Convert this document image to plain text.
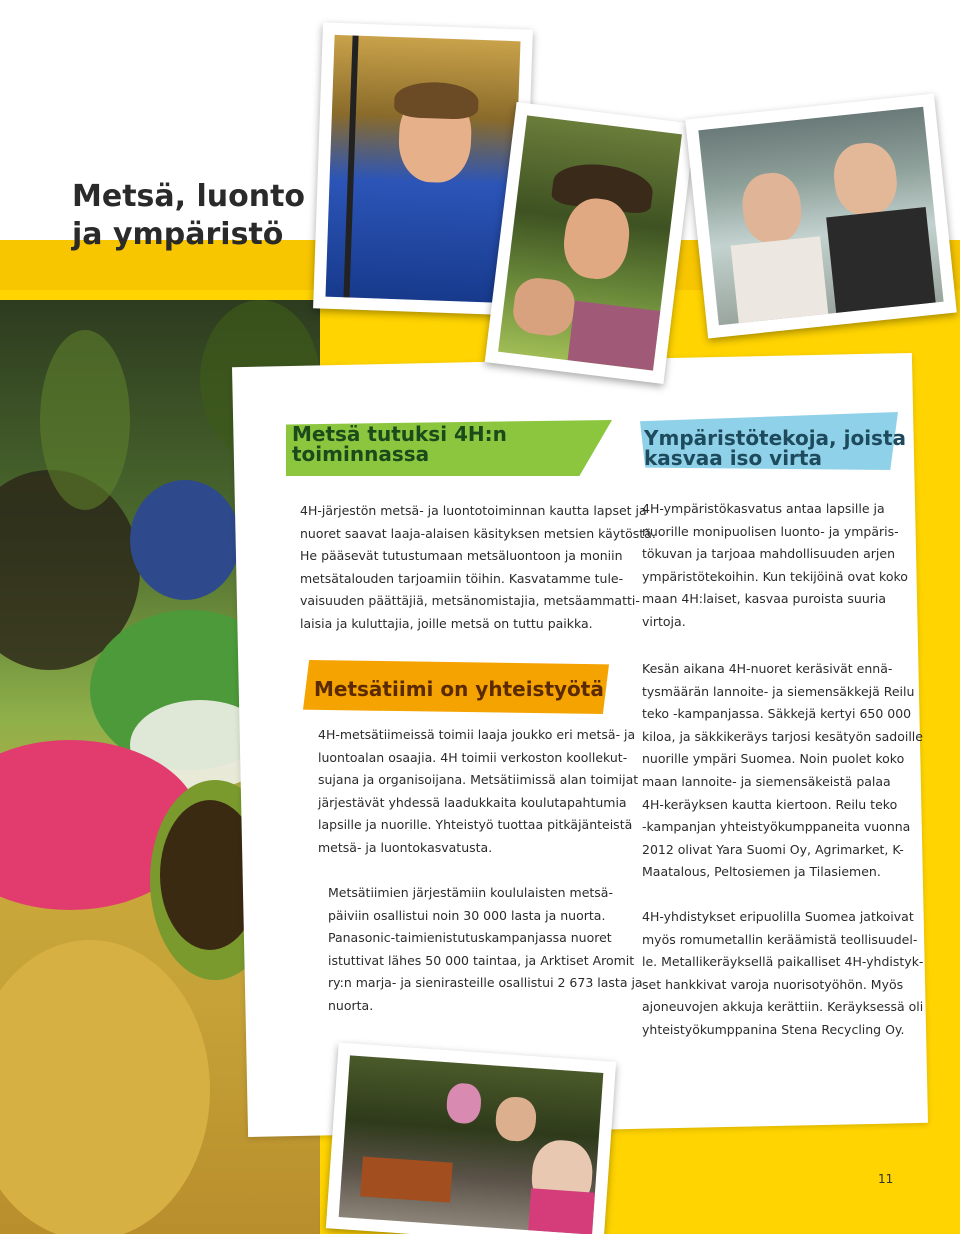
Metsä, luonto
ja ympäristö
Metsä tutuksi 4H:n
toiminnassa

4H-järjestön metsä- ja luontotoiminnan kautta lapset ja
nuoret saavat laaja-alaisen käsityksen metsien käytöstä.
He pääsevät tutustumaan metsäluontoon ja moniin
metsätalouden tarjoamiin töihin. Kasvatamme tule-
vaisuuden päättäjiä, metsänomistajia, metsäammatti-
laisia ja kuluttajia, joille metsä on tuttu paikka.

Metsätiimi on yhteistyötä

4H-metsätiimeissä toimii laaja joukko eri metsä- ja
luontoalan osaajia. 4H toimii verkoston koollekut-
sujana ja organisoijana. Metsätiimissä alan toimijat
järjestävät yhdessä laadukkaita koulutapahtumia
lapsille ja nuorille. Yhteistyö tuottaa pitkäjänteistä
metsä- ja luontokasvatusta.

Metsätiimien järjestämiin koululaisten metsä-
päiviin osallistui noin 30 000 lasta ja nuorta.
Panasonic-taimienistutuskampanjassa nuoret
istuttivat lähes 50 000 taintaa, ja Arktiset Aromit
ry:n marja- ja sienirasteille osallistui 2 673 lasta ja
nuorta.

Ympäristötekoja, joista
kasvaa iso virta

4H-ympäristökasvatus antaa lapsille ja
nuorille monipuolisen luonto- ja ympäris-
tökuvan ja tarjoaa mahdollisuuden arjen
ympäristötekoihin. Kun tekijöinä ovat koko
maan 4H:laiset, kasvaa puroista suuria
virtoja.

Kesän aikana 4H-nuoret keräsivät ennä-
tysmäärän lannoite- ja siemensäkkejä Reilu
teko -kampanjassa. Säkkejä kertyi 650 000
kiloa, ja säkkikeräys tarjosi kesätyön sadoille
nuorille ympäri Suomea. Noin puolet koko
maan lannoite- ja siemensäkeistä palaa
4H-keräyksen kautta kiertoon. Reilu teko
-kampanjan yhteistyökumppaneita vuonna
2012 olivat Yara Suomi Oy, Agrimarket, K-
Maatalous, Peltosiemen ja Tilasiemen.

4H-yhdistykset eripuolilla Suomea jatkoivat
myös romumetallin keräämistä teollisuudel-
le. Metallikeräyksellä paikalliset 4H-yhdistyk-
set hankkivat varoja nuorisotyöhön. Myös
ajoneuvojen akkuja kerättiin. Keräyksessä oli
yhteistyökumppanina Stena Recycling Oy.

11
